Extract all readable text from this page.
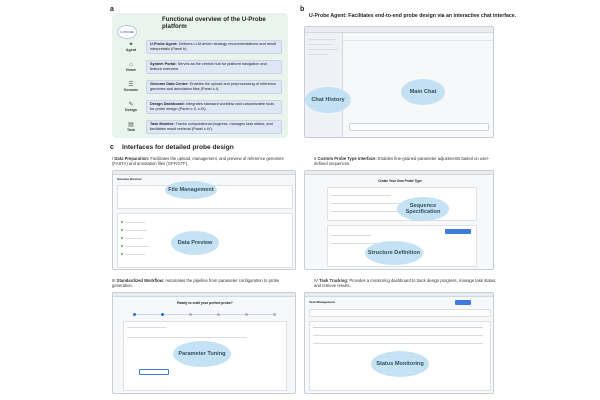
a
Functional overview of the U-Probe platform
U-PROBE
✦
Agent
U-Probe Agent: Delivers LLM-driven strategy recommendations and result interpretatio (Panel b).
⌂
Home
System Portal: Serves as the central hub for platform navigation and feature overview.
☰
Genome
Genome Data Center: Enables the upload and preprocessing of reference genomes and annotation files (Panel c-I).
✎
Design
Design Dashboard: Integrates standard workflow and customizable tools for probe design (Panel c-II, c-III).
▤
Task
Task Monitor: Tracks computational progress, manages task status, and facilitates result retrieval (Panel c-IV).
b
U-Probe Agent: Facilitates end-to-end probe design via an interactive chat interface.
Chat History
Main Chat
c Interfaces for detailed probe design
I Data Preparation: Facilitates the upload, management, and preview of reference genomes (FASTA) and annotation files (GFF/GTF).
Genome Browser
File Management
Data Preview
II Custom Probe Type Interface: Enables fine-grained parameter adjustments based on user-defined sequences.
Create Your Own Probe Type
Sequence Specification
Structure Definition
III Standardized Workflow: Automates the pipeline from parameter configuration to probe generation.
Ready to craft your perfect probe?
Parameter Tuning
IV Task Tracking: Provides a monitoring dashboard to track design progress, manage task status, and retrieve results.
Task Management
Status Monitoring
